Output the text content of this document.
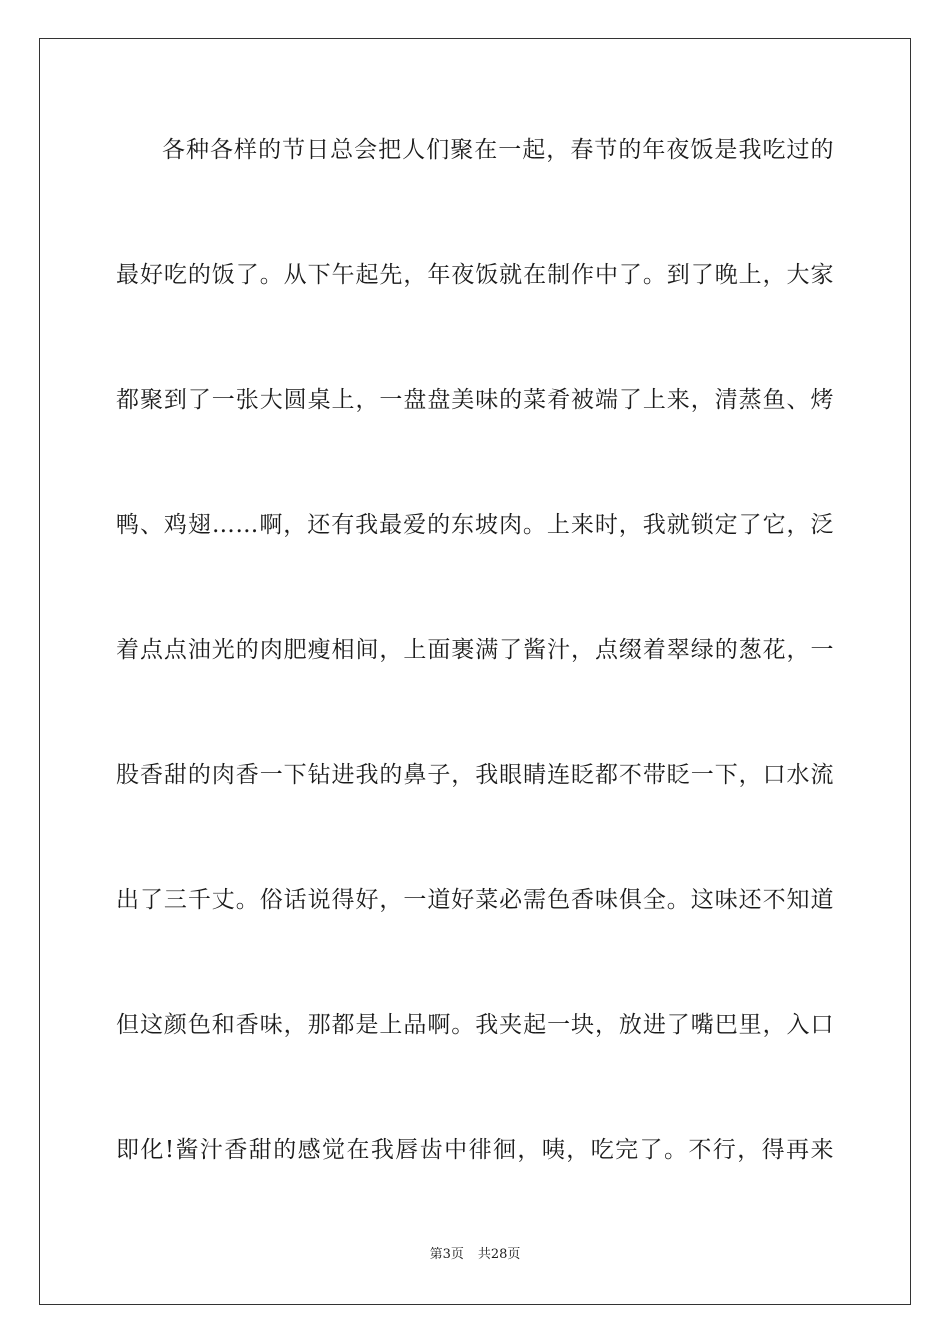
各种各样的节日总会把人们聚在一起，春节的年夜饭是我吃过的
最好吃的饭了。从下午起先，年夜饭就在制作中了。到了晚上，大家
都聚到了一张大圆桌上，一盘盘美味的菜肴被端了上来，清蒸鱼、烤
鸭、鸡翅……啊，还有我最爱的东坡肉。上来时，我就锁定了它，泛
着点点油光的肉肥瘦相间，上面裹满了酱汁，点缀着翠绿的葱花，一
股香甜的肉香一下钻进我的鼻子，我眼睛连眨都不带眨一下，口水流
出了三千丈。俗话说得好，一道好菜必需色香味俱全。这味还不知道
但这颜色和香味，那都是上品啊。我夹起一块，放进了嘴巴里，入口
即化!酱汁香甜的感觉在我唇齿中徘徊，咦，吃完了。不行，得再来
第3页 共28页
